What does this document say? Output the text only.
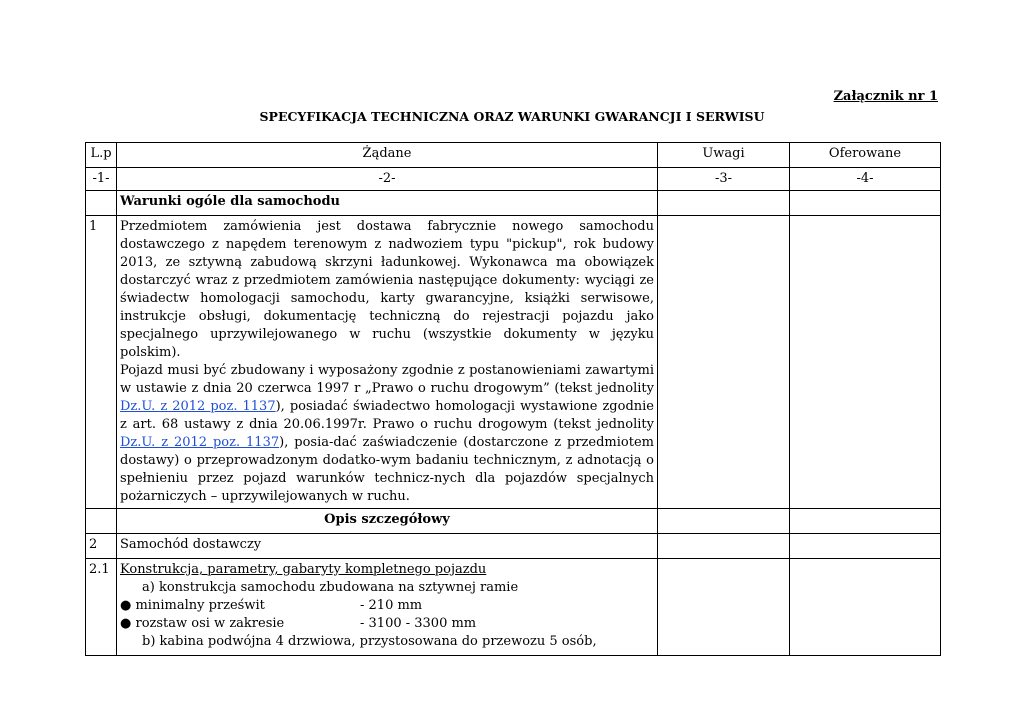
Załącznik nr 1
SPECYFIKACJA TECHNICZNA ORAZ WARUNKI GWARANCJI I SERWISU
L.p	Żądane	Uwagi	Oferowane
-1-	-2-	-3-	-4-
	Warunki ogóle dla samochodu		
1	Przedmiotem zamówienia jest dostawa fabrycznie nowego samochodu dostawczego z napędem terenowym z nadwoziem typu "pickup", rok budowy 2013, ze sztywną zabudową skrzyni ładunkowej. Wykonawca ma obowiązek dostarczyć wraz z przedmiotem zamówienia następujące dokumenty: wyciągi ze świadectw homologacji samochodu, karty gwarancyjne, książki serwisowe, instrukcje obsługi, dokumentację techniczną do rejestracji pojazdu jako specjalnego uprzywilejowanego w ruchu (wszystkie dokumenty w języku polskim).
Pojazd musi być zbudowany i wyposażony zgodnie z postanowieniami zawartymi w ustawie z dnia 20 czerwca 1997 r „Prawo o ruchu drogowym” (tekst jednolity Dz.U. z 2012 poz. 1137), posiadać świadectwo homologacji wystawione zgodnie z art. 68 ustawy z dnia 20.06.1997r. Prawo o ruchu drogowym (tekst jednolity Dz.U. z 2012 poz. 1137), posia-dać zaświadczenie (dostarczone z przedmiotem dostawy) o przeprowadzonym dodatko-wym badaniu technicznym, z adnotacją o spełnieniu przez pojazd warunków technicz-nych dla pojazdów specjalnych pożarniczych – uprzywilejowanych w ruchu.		

	Opis szczegółowy		
2	Samochód dostawczy		
2.1	Konstrukcja, parametry, gabaryty kompletnego pojazdu
a) konstrukcja samochodu zbudowana na sztywnej ramie
● minimalny prześwit - 210 mm
● rozstaw osi w zakresie - 3100 - 3300 mm
b) kabina podwójna 4 drzwiowa, przystosowana do przewozu 5 osób,		
